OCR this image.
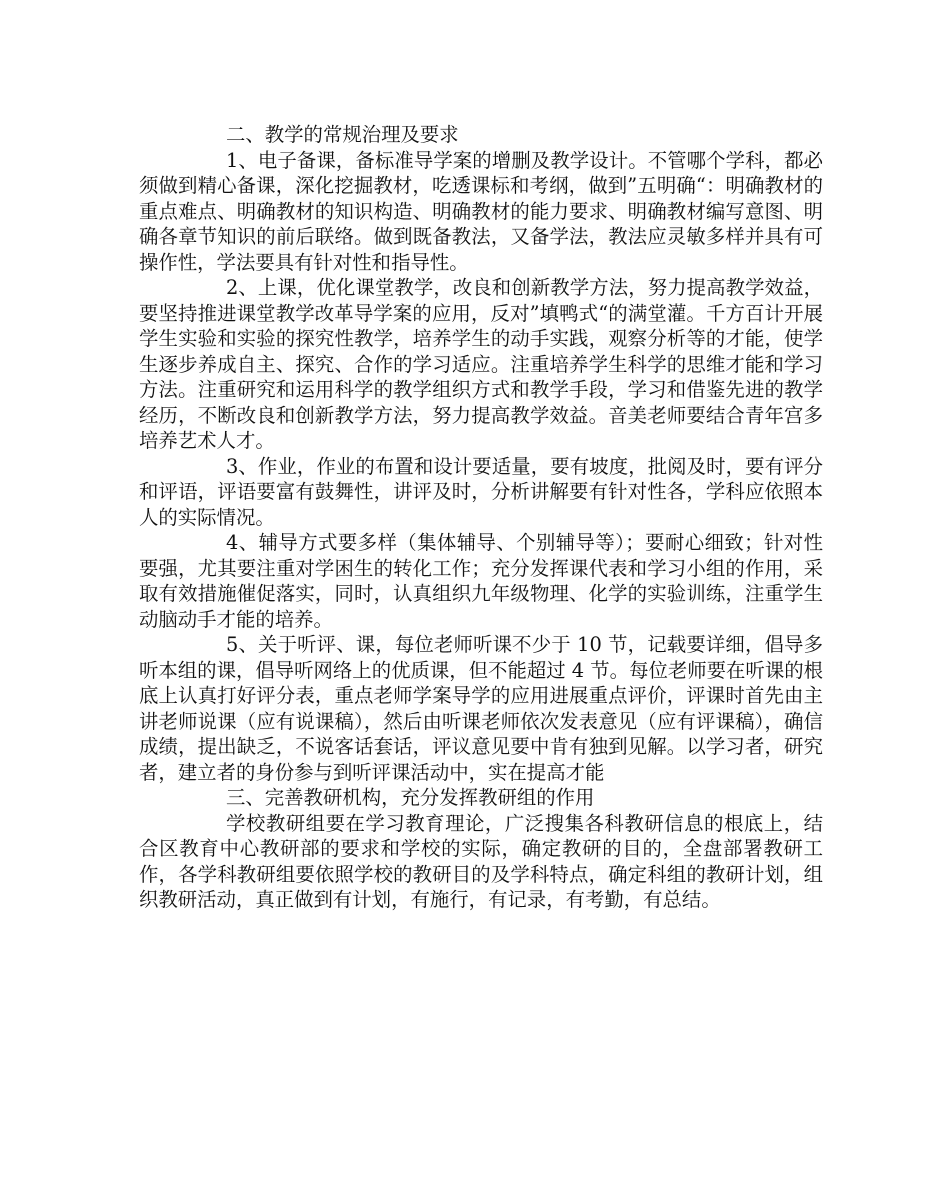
二、教学的常规治理及要求

1、电子备课，备标准导学案的增删及教学设计。不管哪个学科，都必须做到精心备课，深化挖掘教材，吃透课标和考纲，做到”五明确“：明确教材的重点难点、明确教材的知识构造、明确教材的能力要求、明确教材编写意图、明确各章节知识的前后联络。做到既备教法，又备学法，教法应灵敏多样并具有可操作性，学法要具有针对性和指导性。

2、上课，优化课堂教学，改良和创新教学方法，努力提高教学效益，要坚持推进课堂教学改革导学案的应用，反对”填鸭式“的满堂灌。千方百计开展学生实验和实验的探究性教学，培养学生的动手实践，观察分析等的才能，使学生逐步养成自主、探究、合作的学习适应。注重培养学生科学的思维才能和学习方法。注重研究和运用科学的教学组织方式和教学手段，学习和借鉴先进的教学经历，不断改良和创新教学方法，努力提高教学效益。音美老师要结合青年宫多培养艺术人才。

3、作业，作业的布置和设计要适量，要有坡度，批阅及时，要有评分和评语，评语要富有鼓舞性，讲评及时，分析讲解要有针对性各，学科应依照本人的实际情况。

4、辅导方式要多样（集体辅导、个别辅导等）；要耐心细致；针对性要强，尤其要注重对学困生的转化工作；充分发挥课代表和学习小组的作用，采取有效措施催促落实，同时，认真组织九年级物理、化学的实验训练，注重学生动脑动手才能的培养。

5、关于听评、课，每位老师听课不少于 10 节，记载要详细，倡导多听本组的课，倡导听网络上的优质课，但不能超过 4 节。每位老师要在听课的根底上认真打好评分表，重点老师学案导学的应用进展重点评价，评课时首先由主讲老师说课（应有说课稿），然后由听课老师依次发表意见（应有评课稿），确信成绩，提出缺乏，不说客话套话，评议意见要中肯有独到见解。以学习者，研究者，建立者的身份参与到听评课活动中，实在提高才能

三、完善教研机构，充分发挥教研组的作用

学校教研组要在学习教育理论，广泛搜集各科教研信息的根底上，结合区教育中心教研部的要求和学校的实际，确定教研的目的，全盘部署教研工作，各学科教研组要依照学校的教研目的及学科特点，确定科组的教研计划，组织教研活动，真正做到有计划，有施行，有记录，有考勤，有总结。
